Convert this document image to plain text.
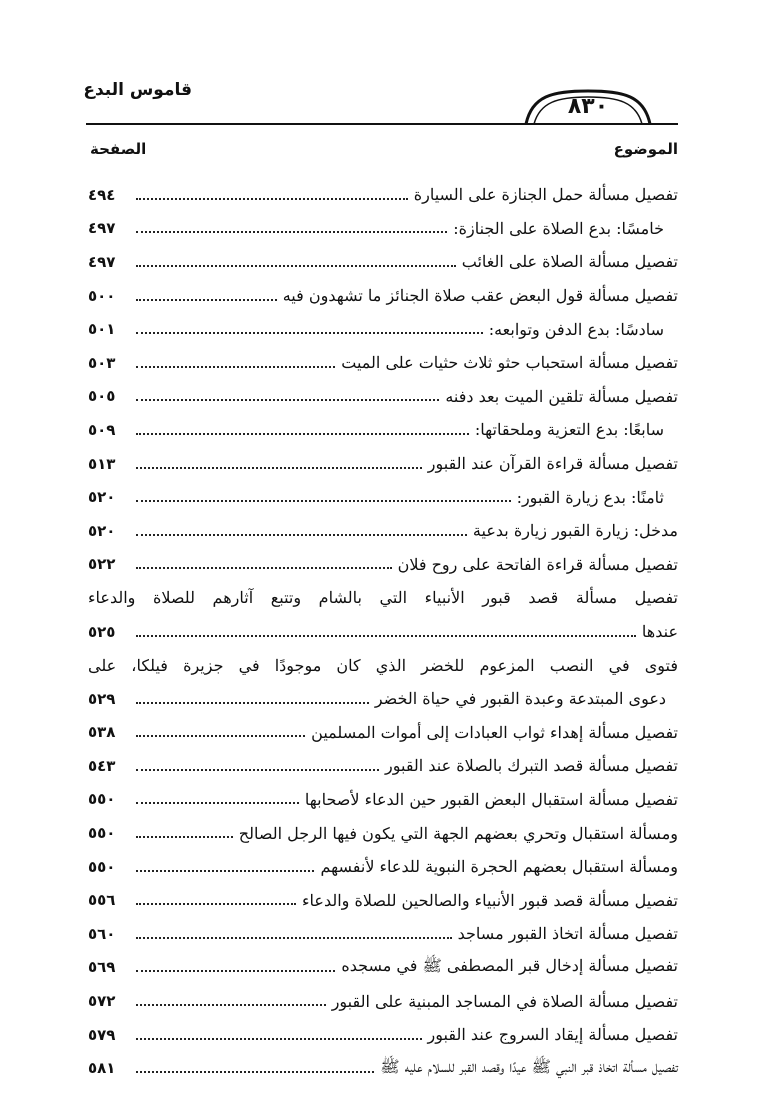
قاموس البدع
٨٣٠
الموضوع
الصفحة
تفصيل مسألة حمل الجنازة على السيارة
٤٩٤
خامسًا: بدع الصلاة على الجنازة:
٤٩٧
تفصيل مسألة الصلاة على الغائب
٤٩٧
تفصيل مسألة قول البعض عقب صلاة الجنائز ما تشهدون فيه
٥٠٠
سادسًا: بدع الدفن وتوابعه:
٥٠١
تفصيل مسألة استحباب حثو ثلاث حثيات على الميت
٥٠٣
تفصيل مسألة تلقين الميت بعد دفنه
٥٠٥
سابعًا: بدع التعزية وملحقاتها:
٥٠٩
تفصيل مسألة قراءة القرآن عند القبور
٥١٣
ثامنًا: بدع زيارة القبور:
٥٢٠
مدخل: زيارة القبور زيارة بدعية
٥٢٠
تفصيل مسألة قراءة الفاتحة على روح فلان
٥٢٢
تفصيل مسألة قصد قبور الأنبياء التي بالشام وتتبع آثارهم للصلاة والدعاء
عندها
٥٢٥
فتوى في النصب المزعوم للخضر الذي كان موجودًا في جزيرة فيلكا، على
دعوى المبتدعة وعبدة القبور في حياة الخضر
٥٢٩
تفصيل مسألة إهداء ثواب العبادات إلى أموات المسلمين
٥٣٨
تفصيل مسألة قصد التبرك بالصلاة عند القبور
٥٤٣
تفصيل مسألة استقبال البعض القبور حين الدعاء لأصحابها
٥٥٠
ومسألة استقبال وتحري بعضهم الجهة التي يكون فيها الرجل الصالح
٥٥٠
ومسألة استقبال بعضهم الحجرة النبوية للدعاء لأنفسهم
٥٥٠
تفصيل مسألة قصد قبور الأنبياء والصالحين للصلاة والدعاء
٥٥٦
تفصيل مسألة اتخاذ القبور مساجد
٥٦٠
تفصيل مسألة إدخال قبر المصطفى ﷺ في مسجده
٥٦٩
تفصيل مسألة الصلاة في المساجد المبنية على القبور
٥٧٢
تفصيل مسألة إيقاد السروج عند القبور
٥٧٩
تفصيل مسألة اتخاذ قبر النبي ﷺ عيدًا وقصد القبر للسلام عليه ﷺ
٥٨١
